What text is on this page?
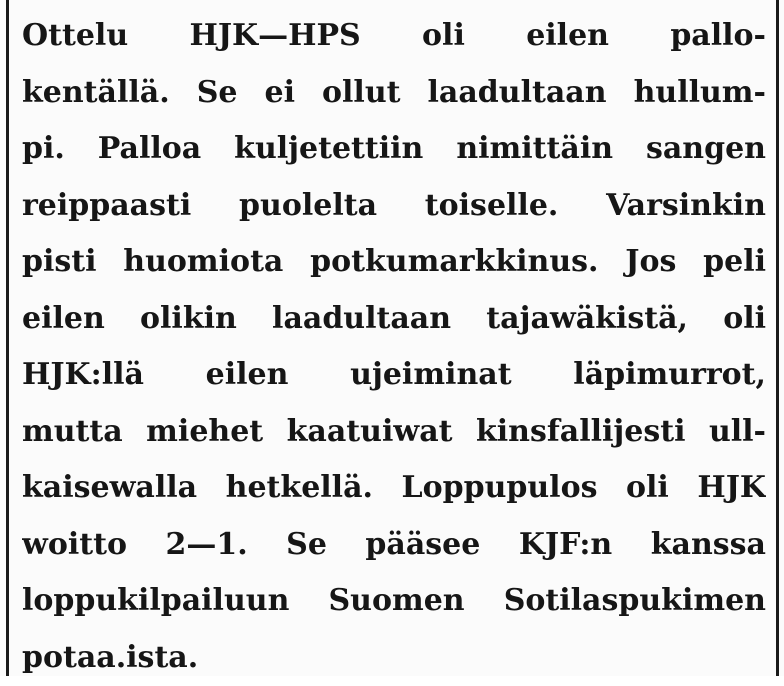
Ottelu HJK—HPS oli eilen pallo-
kentällä. Se ei ollut laadultaan hullum-
pi. Palloa kuljetettiin nimittäin sangen
reippaasti puolelta toiselle. Varsinkin
pisti huomiota potkumarkkinus. Jos peli
eilen olikin laadultaan tajawäkistä, oli
HJK:llä eilen ujeiminat läpimurrot,
mutta miehet kaatuiwat kinsfallijesti ull-
kaisewalla hetkellä. Loppupulos oli HJK
woitto 2—1. Se pääsee KJF:n kanssa
loppukilpailuun Suomen Sotilaspukimen
potaa.ista.
